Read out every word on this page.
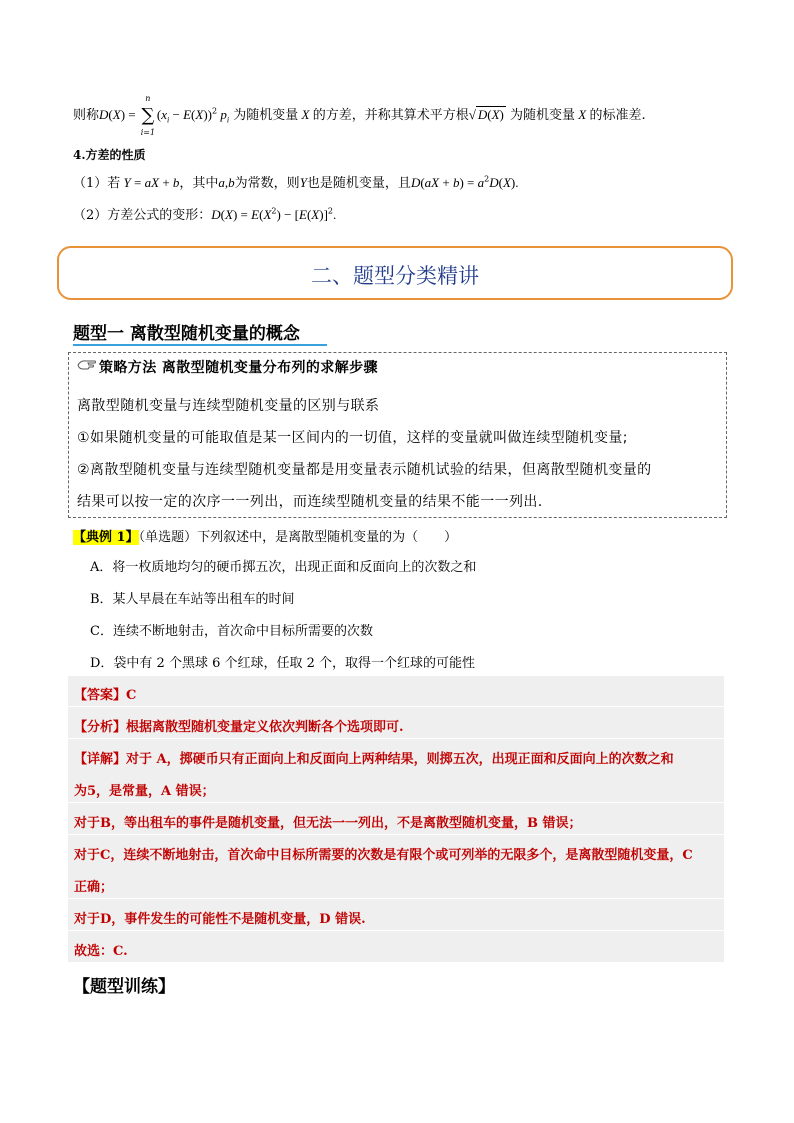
则称D(X) =
n
∑
i=1
$(x_i - E(X))^2$ $p_i$ 为随机变量 X 的方差，并称其算术平方根√ D(X) 为随机变量 X 的标准差.
4.方差的性质
（1）若 Y = aX + b，其中a,b为常数，则Y也是随机变量，且$D(aX + b) = a^2D(X)$.
（2）方差公式的变形：$D(X) = E(X^2) - [E(X)]^2$.
二、题型分类精讲
题型一 离散型随机变量的概念
策略方法 离散型随机变量分布列的求解步骤
离散型随机变量与连续型随机变量的区别与联系
①如果随机变量的可能取值是某一区间内的一切值，这样的变量就叫做连续型随机变量;
②离散型随机变量与连续型随机变量都是用变量表示随机试验的结果，但离散型随机变量的
结果可以按一定的次序一一列出，而连续型随机变量的结果不能一一列出.
【典例 1】（单选题）下列叙述中，是离散型随机变量的为（　　）
A．将一枚质地均匀的硬币掷五次，出现正面和反面向上的次数之和
B．某人早晨在车站等出租车的时间
C．连续不断地射击，首次命中目标所需要的次数
D．袋中有 2 个黑球 6 个红球，任取 2 个，取得一个红球的可能性
【答案】C
【分析】根据离散型随机变量定义依次判断各个选项即可.
【详解】对于 A，掷硬币只有正面向上和反面向上两种结果，则掷五次，出现正面和反面向上的次数之和
为5，是常量，A 错误；
对于B，等出租车的事件是随机变量，但无法一一列出，不是离散型随机变量，B 错误；
对于C，连续不断地射击，首次命中目标所需要的次数是有限个或可列举的无限多个，是离散型随机变量，C
正确；
对于D，事件发生的可能性不是随机变量，D 错误.
故选：C.
【题型训练】
